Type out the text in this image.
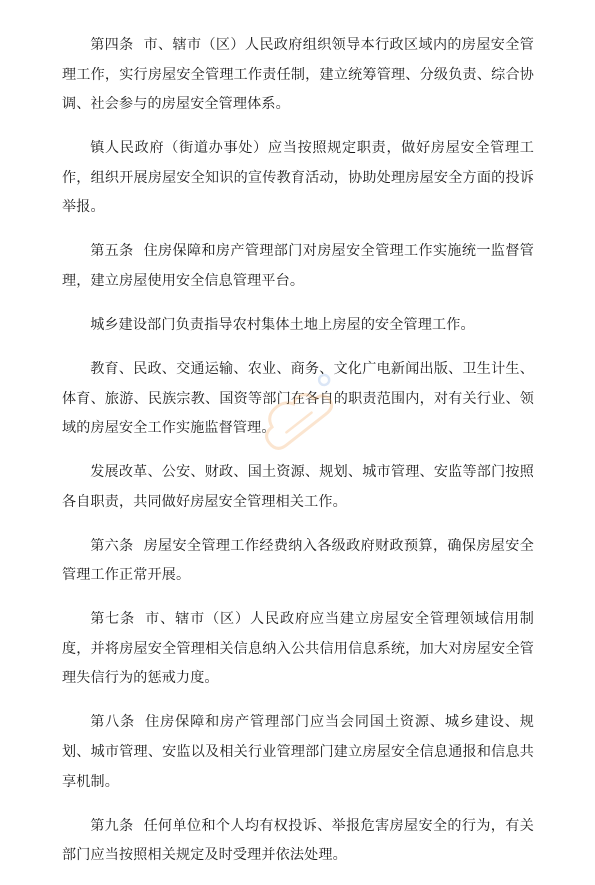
第四条 市、辖市（区）人民政府组织领导本行政区域内的房屋安全管理工作，实行房屋安全管理工作责任制，建立统筹管理、分级负责、综合协调、社会参与的房屋安全管理体系。

镇人民政府（街道办事处）应当按照规定职责，做好房屋安全管理工作，组织开展房屋安全知识的宣传教育活动，协助处理房屋安全方面的投诉举报。

第五条 住房保障和房产管理部门对房屋安全管理工作实施统一监督管理，建立房屋使用安全信息管理平台。

城乡建设部门负责指导农村集体土地上房屋的安全管理工作。

教育、民政、交通运输、农业、商务、文化广电新闻出版、卫生计生、体育、旅游、民族宗教、国资等部门在各自的职责范围内，对有关行业、领域的房屋安全工作实施监督管理。

发展改革、公安、财政、国土资源、规划、城市管理、安监等部门按照各自职责，共同做好房屋安全管理相关工作。

第六条 房屋安全管理工作经费纳入各级政府财政预算，确保房屋安全管理工作正常开展。

第七条 市、辖市（区）人民政府应当建立房屋安全管理领域信用制度，并将房屋安全管理相关信息纳入公共信用信息系统，加大对房屋安全管理失信行为的惩戒力度。

第八条 住房保障和房产管理部门应当会同国土资源、城乡建设、规划、城市管理、安监以及相关行业管理部门建立房屋安全信息通报和信息共享机制。

第九条 任何单位和个人均有权投诉、举报危害房屋安全的行为，有关部门应当按照相关规定及时受理并依法处理。
